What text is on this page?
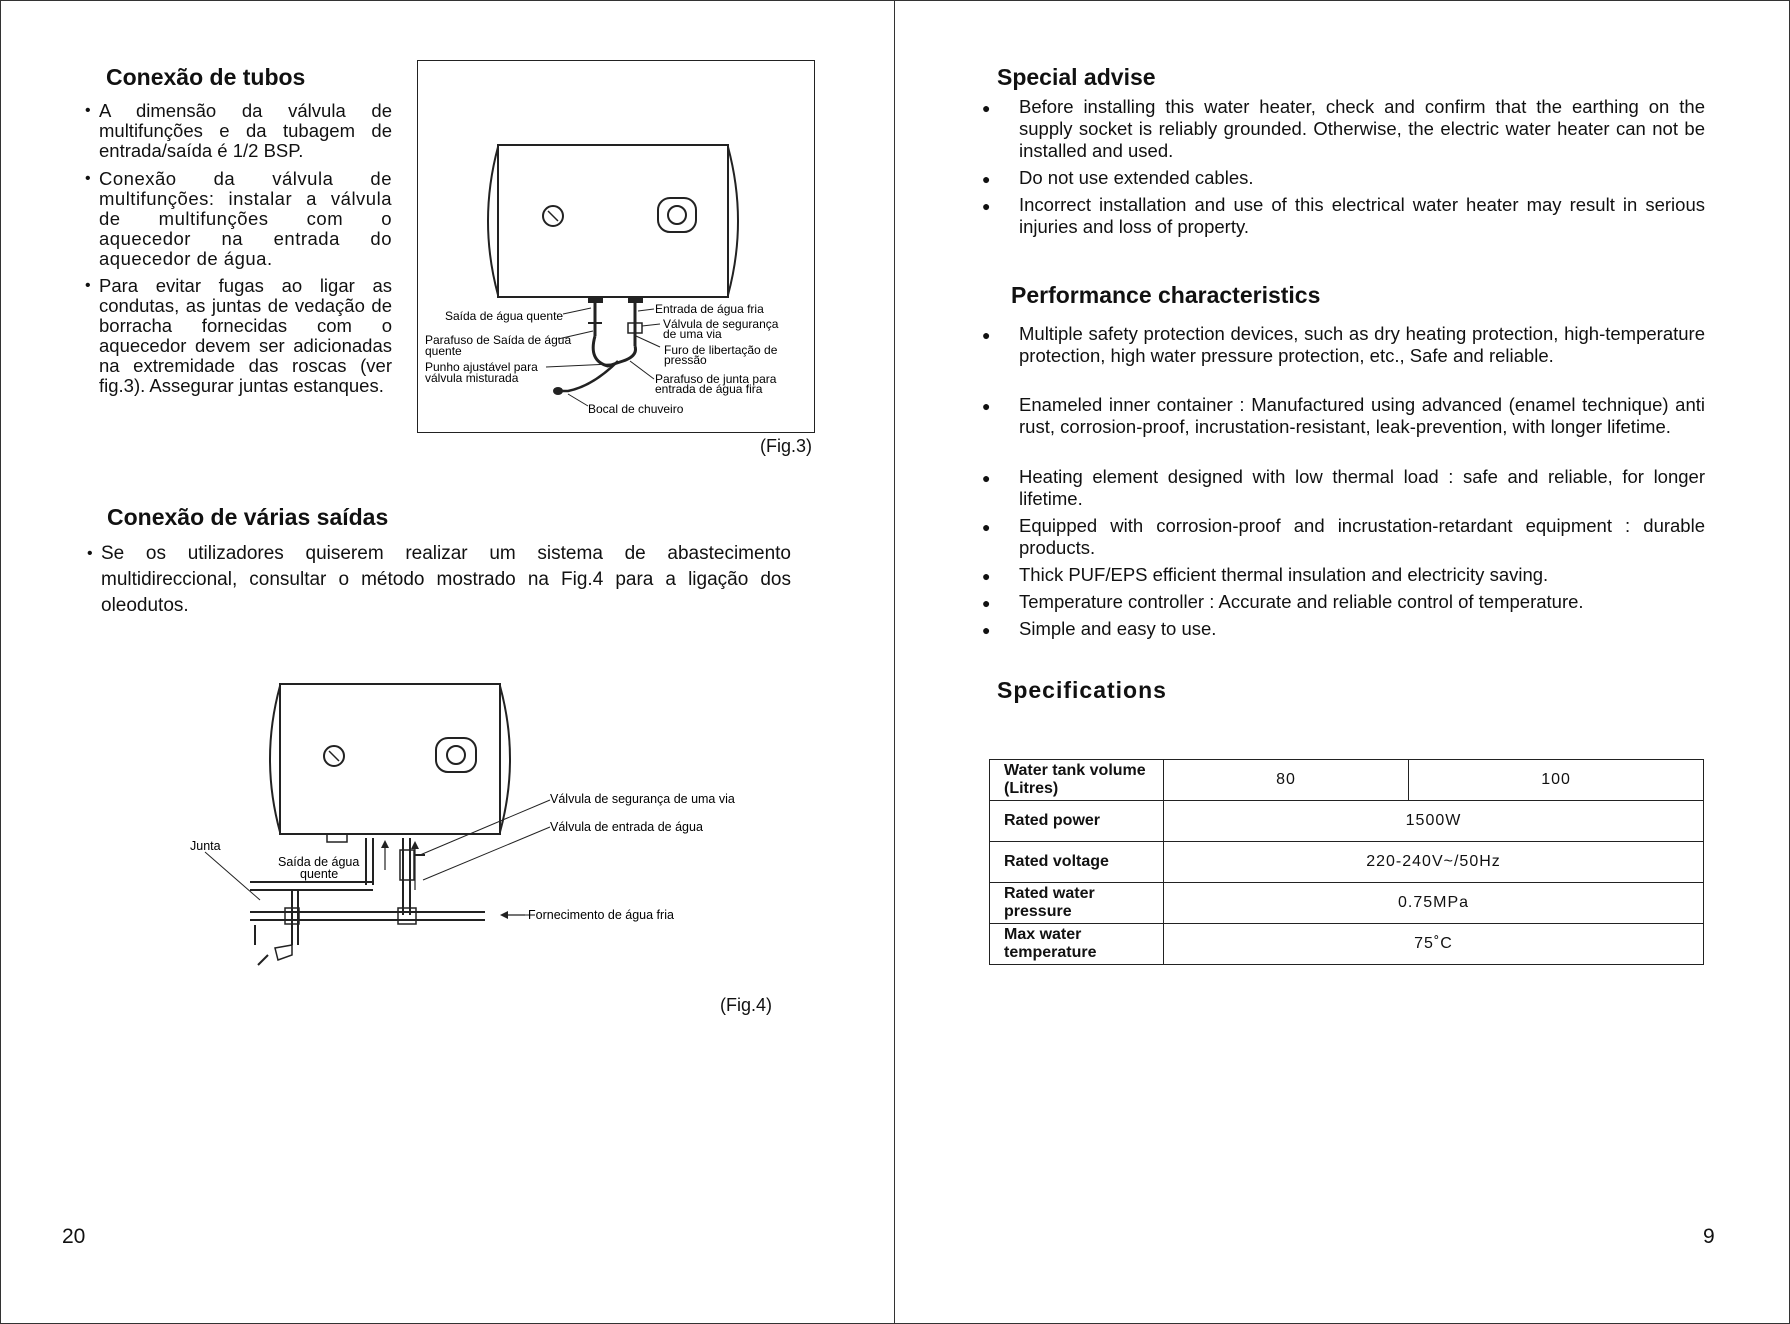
Conexão de tubos
• A dimensão da válvula de multifunções e da tubagem de entrada/saída é 1/2 BSP.
• Conexão da válvula de multifunções: instalar a válvula de multifunções com o aquecedor na entrada do aquecedor de água.
• Para evitar fugas ao ligar as condutas, as juntas de vedação de borracha fornecidas com o aquecedor devem ser adicionadas na extremidade das roscas (ver fig.3). Assegurar juntas estanques.
Saída de água quente
Parafuso de Saída de água
quente
Punho ajustável para
válvula misturada
Entrada de água fria
Válvula de segurança
de uma via
Furo de libertação de
pressão
Parafuso de junta para
entrada de água fira
Bocal de chuveiro
(Fig.3)
Conexão de várias saídas
• Se os utilizadores quiserem realizar um sistema de abastecimento multidireccional, consultar o método mostrado na Fig.4 para a ligação dos oleodutos.
Válvula de segurança de uma via
Válvula de entrada de água
Junta
Saída de água
quente
Fornecimento de água fria
(Fig.4)
20
Special advise
● Before installing this water heater, check and confirm that the earthing on the supply socket is reliably grounded. Otherwise, the electric water heater can not be installed and used.
● Do not use extended cables.
● Incorrect installation and use of this electrical water heater may result in serious injuries and loss of property.
Performance characteristics
● Multiple safety protection devices, such as dry heating protection, high-temperature protection, high water pressure protection, etc., Safe and reliable.
● Enameled inner container : Manufactured using advanced (enamel technique) anti rust, corrosion-proof, incrustation-resistant, leak-prevention, with longer lifetime.
● Heating element designed with low thermal load : safe and reliable, for longer lifetime.
● Equipped with corrosion-proof and incrustation-retardant equipment : durable products.
● Thick PUF/EPS efficient thermal insulation and electricity saving.
● Temperature controller : Accurate and reliable control of temperature.
● Simple and easy to use.
Specifications
Water tank volume (Litres)	80	100
Rated power	1500W	
Rated voltage	220-240V~/50Hz	
Rated water pressure	0.75MPa	
Max water temperature	75˚C	
9
